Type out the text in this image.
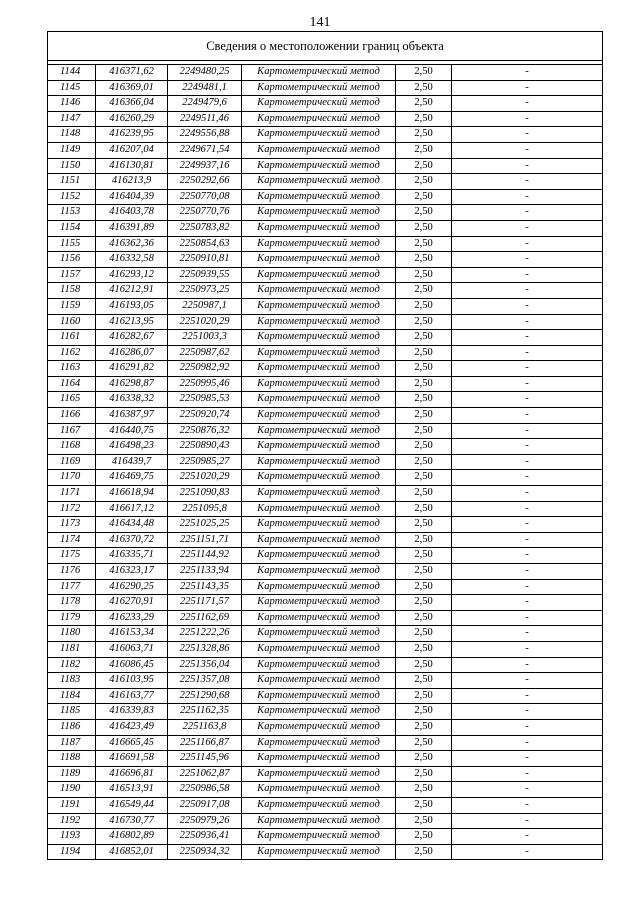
141
Сведения о местоположении границ объекта					

1144	416371,62	2249480,25	Картометрический метод	2,50	-
1145	416369,01	2249481,1	Картометрический метод	2,50	-
1146	416366,04	2249479,6	Картометрический метод	2,50	-
1147	416260,29	2249511,46	Картометрический метод	2,50	-
1148	416239,95	2249556,88	Картометрический метод	2,50	-
1149	416207,04	2249671,54	Картометрический метод	2,50	-
1150	416130,81	2249937,16	Картометрический метод	2,50	-
1151	416213,9	2250292,66	Картометрический метод	2,50	-
1152	416404,39	2250770,08	Картометрический метод	2,50	-
1153	416403,78	2250770,76	Картометрический метод	2,50	-
1154	416391,89	2250783,82	Картометрический метод	2,50	-
1155	416362,36	2250854,63	Картометрический метод	2,50	-
1156	416332,58	2250910,81	Картометрический метод	2,50	-
1157	416293,12	2250939,55	Картометрический метод	2,50	-
1158	416212,91	2250973,25	Картометрический метод	2,50	-
1159	416193,05	2250987,1	Картометрический метод	2,50	-
1160	416213,95	2251020,29	Картометрический метод	2,50	-
1161	416282,67	2251003,3	Картометрический метод	2,50	-
1162	416286,07	2250987,62	Картометрический метод	2,50	-
1163	416291,82	2250982,92	Картометрический метод	2,50	-
1164	416298,87	2250995,46	Картометрический метод	2,50	-
1165	416338,32	2250985,53	Картометрический метод	2,50	-
1166	416387,97	2250920,74	Картометрический метод	2,50	-
1167	416440,75	2250876,32	Картометрический метод	2,50	-
1168	416498,23	2250890,43	Картометрический метод	2,50	-
1169	416439,7	2250985,27	Картометрический метод	2,50	-
1170	416469,75	2251020,29	Картометрический метод	2,50	-
1171	416618,94	2251090,83	Картометрический метод	2,50	-
1172	416617,12	2251095,8	Картометрический метод	2,50	-
1173	416434,48	2251025,25	Картометрический метод	2,50	-
1174	416370,72	2251151,71	Картометрический метод	2,50	-
1175	416335,71	2251144,92	Картометрический метод	2,50	-
1176	416323,17	2251133,94	Картометрический метод	2,50	-
1177	416290,25	2251143,35	Картометрический метод	2,50	-
1178	416270,91	2251171,57	Картометрический метод	2,50	-
1179	416233,29	2251162,69	Картометрический метод	2,50	-
1180	416153,34	2251222,26	Картометрический метод	2,50	-
1181	416063,71	2251328,86	Картометрический метод	2,50	-
1182	416086,45	2251356,04	Картометрический метод	2,50	-
1183	416103,95	2251357,08	Картометрический метод	2,50	-
1184	416163,77	2251290,68	Картометрический метод	2,50	-
1185	416339,83	2251162,35	Картометрический метод	2,50	-
1186	416423,49	2251163,8	Картометрический метод	2,50	-
1187	416665,45	2251166,87	Картометрический метод	2,50	-
1188	416691,58	2251145,96	Картометрический метод	2,50	-
1189	416696,81	2251062,87	Картометрический метод	2,50	-
1190	416513,91	2250986,58	Картометрический метод	2,50	-
1191	416549,44	2250917,08	Картометрический метод	2,50	-
1192	416730,77	2250979,26	Картометрический метод	2,50	-
1193	416802,89	2250936,41	Картометрический метод	2,50	-
1194	416852,01	2250934,32	Картометрический метод	2,50	-
